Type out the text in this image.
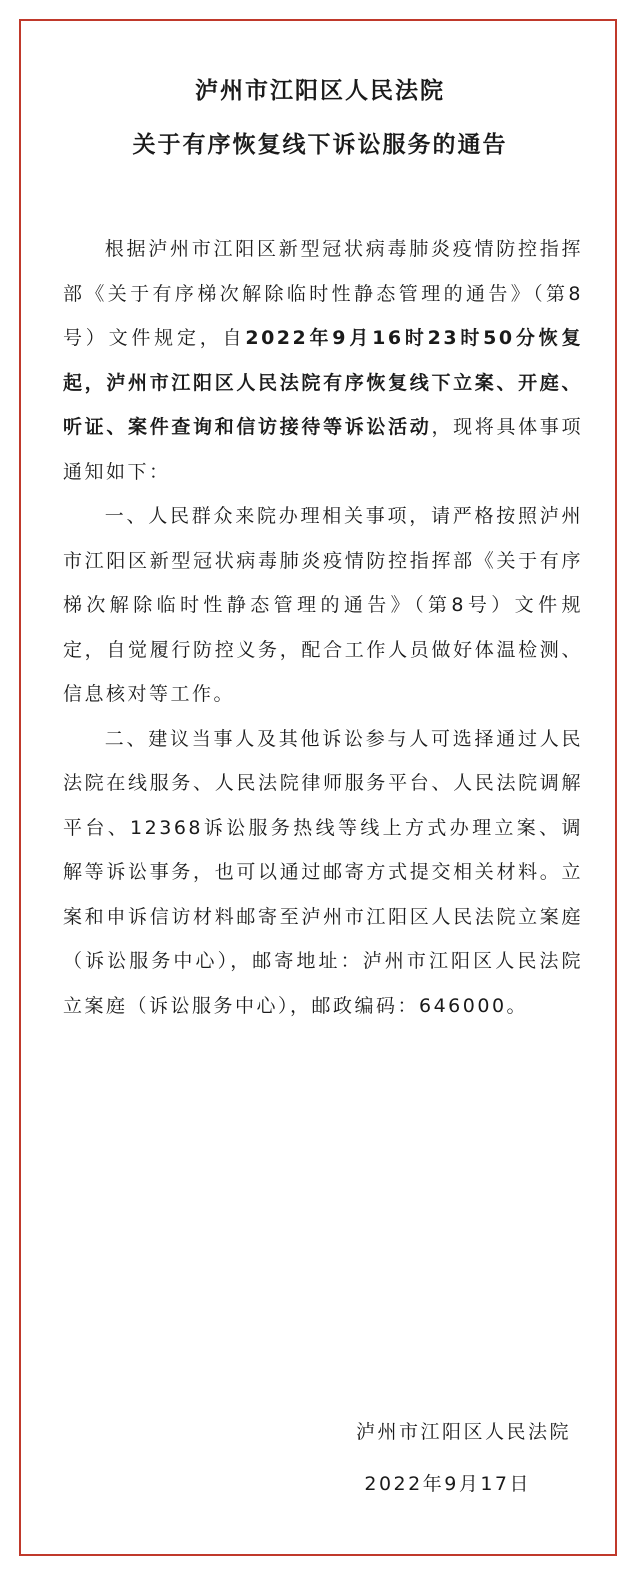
泸州市江阳区人民法院
关于有序恢复线下诉讼服务的通告

根据泸州市江阳区新型冠状病毒肺炎疫情防控指挥部《关于有序梯次解除临时性静态管理的通告》（第8号）文件规定，自2022年9月16时23时50分恢复起，泸州市江阳区人民法院有序恢复线下立案、开庭、听证、案件查询和信访接待等诉讼活动，现将具体事项通知如下：

一、人民群众来院办理相关事项，请严格按照泸州市江阳区新型冠状病毒肺炎疫情防控指挥部《关于有序梯次解除临时性静态管理的通告》（第8号）文件规定，自觉履行防控义务，配合工作人员做好体温检测、信息核对等工作。

二、建议当事人及其他诉讼参与人可选择通过人民法院在线服务、人民法院律师服务平台、人民法院调解平台、12368诉讼服务热线等线上方式办理立案、调解等诉讼事务，也可以通过邮寄方式提交相关材料。立案和申诉信访材料邮寄至泸州市江阳区人民法院立案庭（诉讼服务中心），邮寄地址：泸州市江阳区人民法院立案庭（诉讼服务中心），邮政编码：646000。

泸州市江阳区人民法院
2022年9月17日
